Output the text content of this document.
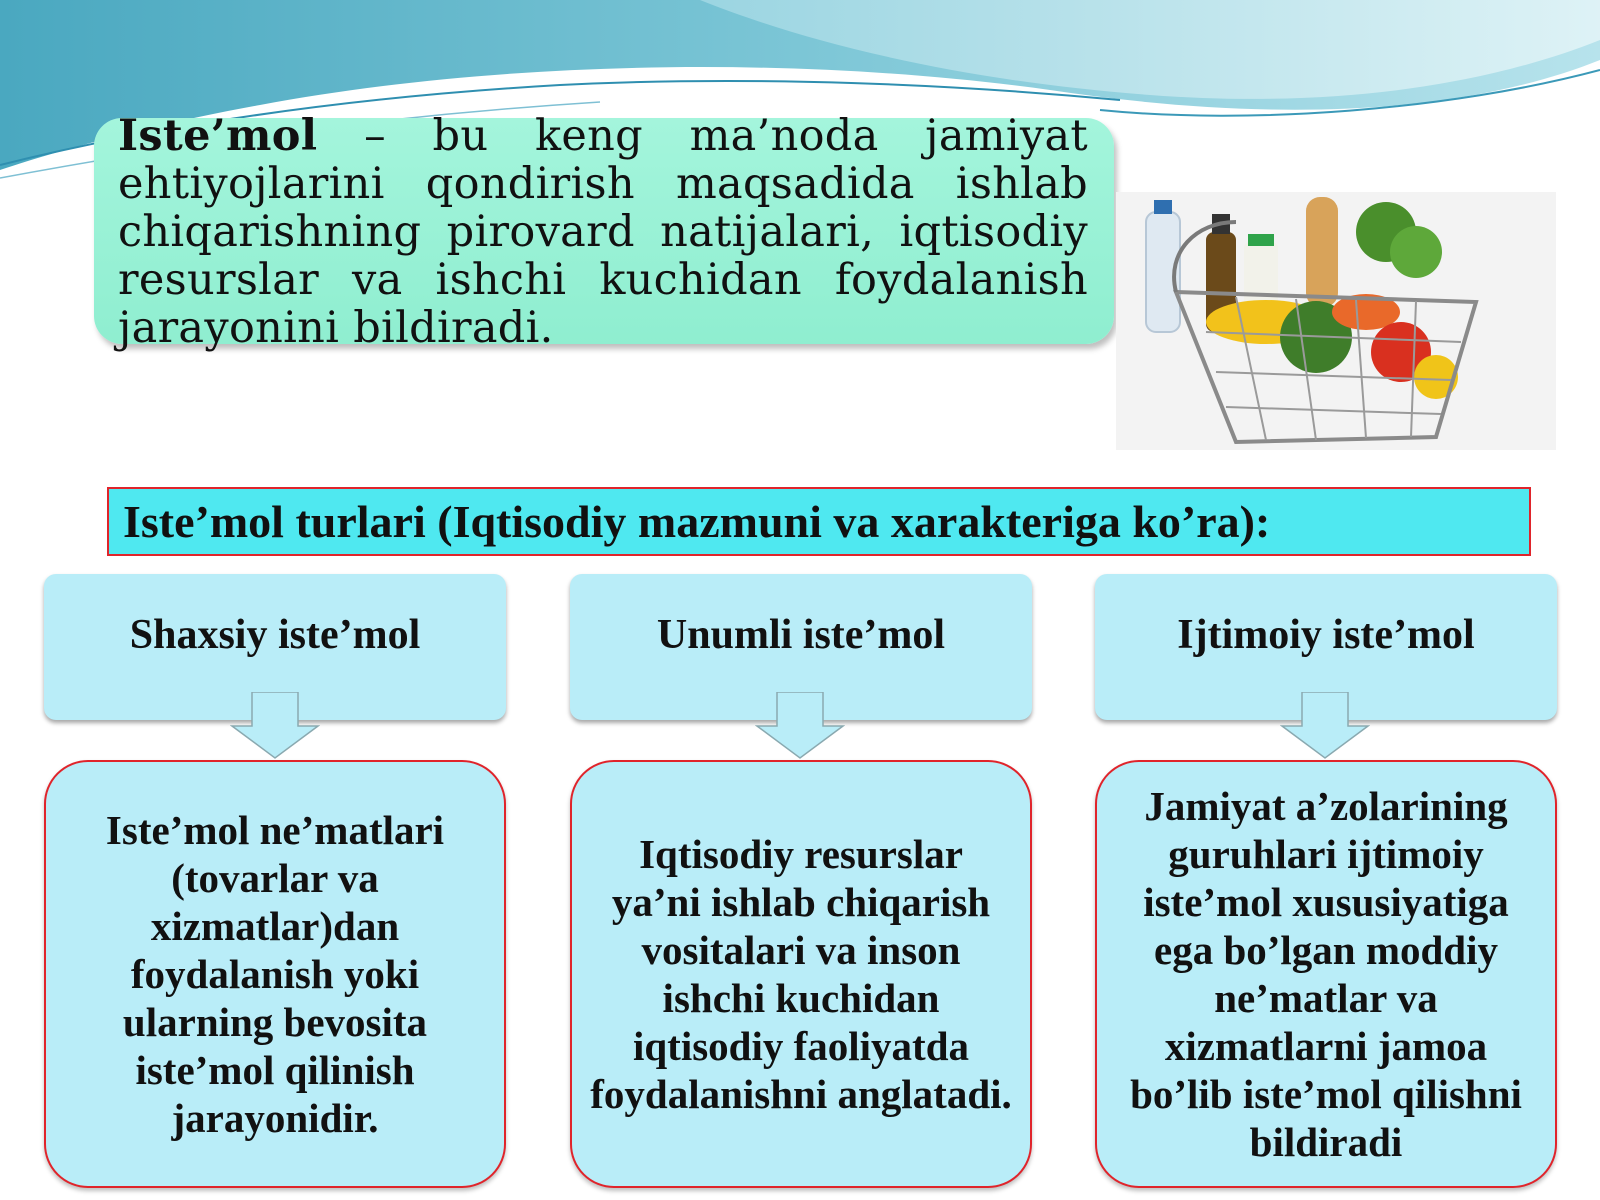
Iste’mol – bu keng ma’noda jamiyat ehtiyojlarini qondirish maqsadida ishlab chiqarishning pirovard natijalari, iqtisodiy resurslar va ishchi kuchidan foydalanish jarayonini bildiradi.
Iste’mol turlari (Iqtisodiy mazmuni va xarakteriga ko’ra):
Shaxsiy iste’mol
Iste’mol ne’matlari (tovarlar va xizmatlar)dan foydalanish yoki ularning bevosita iste’mol qilinish jarayonidir.
Unumli iste’mol
Iqtisodiy resurslar ya’ni ishlab chiqarish vositalari va inson ishchi kuchidan iqtisodiy faoliyatda foydalanishni anglatadi.
Ijtimoiy iste’mol
Jamiyat a’zolarining guruhlari ijtimoiy iste’mol xususiyatiga ega bo’lgan moddiy ne’matlar va xizmatlarni jamoa bo’lib iste’mol qilishni bildiradi
